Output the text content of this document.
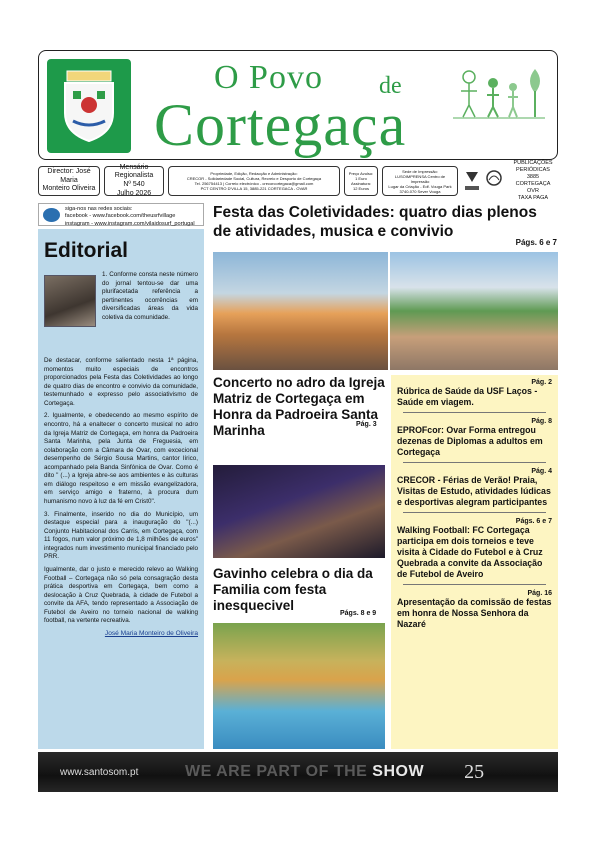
O Povo de
Cortegaça
Director: José Maria
Monteiro Oliveira
Mensário Regionalista
Nº 540
Julho 2026
Propriedade, Edição, Redacção e Administração:
CRECOR - Solidariedade Social, Cultura, Recreio e Desporto de Cortegaça
Tel. 256754413 | Correio electrónico - crecorcortegaca@gmail.com
PCT CENTRO D'VILLA 15, 3885-221 CORTEGACA - OVAR
Preço Avulso:
1 Euro
Assinatura:
12 Euros
Sede de Impressão:
LUSOIMPRENSA Centro de Impressão
Lugar da Criação - Edf. Vouga Park
3740-070 Sever Vouga
PUBLICAÇÕES
PERIÓDICAS
3885 CORTEGAÇA OVR
TAXA PAGA
siga-nos nas redes sociais:
facebook - www.facebook.com/theusrfvillage
instagram - www.instagram.com/vilaidosurf_portugal
Editorial
1. Conforme consta neste número do jornal tentou-se dar uma plurifacetada referência a pertinentes ocorrências em diversificadas áreas da vida coletiva da comunidade.

De destacar, conforme salientado nesta 1ª página, momentos muito especiais de encontros proporcionados pela Festa das Coletividades ao longo de quatro dias de encontro e convivio da comunidade, testemunhado e expresso pelo associativismo de Cortegaça.

2. Igualmente, e obedecendo ao mesmo espírito de encontro, há a enaltecer o concerto musical no adro da Igreja Matriz de Cortegaça, em honra da Padroeira Santa Marinha, pela Junta de Freguesia, em colaboração com a Câmara de Ovar, com excecional desempenho de Sérgio Sousa Martins, cantor lírico, acompanhado pela Banda Sinfónica de Ovar. Como é dito " (...) a Igreja abre-se aos ambientes e às culturas em diálogo respeitoso e em missão evangelizadora, em serviço amigo e fraterno, à procura dum humanismo novo à luz da fé em Crist0".

3. Finalmente, inserido no dia do Município, um destaque especial para a inauguração do "(...) Conjunto Habitacional dos Carris, em Cortegaça, com 11 fogos, num valor próximo de 1,8 milhões de euros" integrados num investimento municipal financiado pelo PRR.

Igualmente, dar o justo e merecido relevo ao Walking Football – Cortegaça não só pela consagração desta prática desportiva em Cortegaça, bem como a deslocação à Cruz Quebrada, à cidade de Futebol a convite da AFA, tendo representado a Associação de Futebol de Aveiro no torneio nacional de walking football, na vertente recreativa.

José Maria Monteiro de Oliveira
Festa das Coletividades: quatro dias plenos de atividades, musica e convivio
Págs. 6 e 7
Concerto no adro da Igreja Matriz de Cortegaça em Honra da Padroeira Santa Marinha	Pág. 3
Gavinho celebra o dia da Familia com festa inesquecivel
Págs. 8 e 9
Pág. 2
Rúbrica de Saúde da USF Laços - Saúde em viagem.
Pág. 8
EPROFcor: Ovar Forma entregou dezenas de Diplomas a adultos em Cortegaça
Pág. 4
CRECOR - Férias de Verão! Praia, Visitas de Estudo, atividades lúdicas e desportivas alegram participantes
Págs. 6 e 7
Walking Football: FC Cortegaça participa em dois torneios e teve visita à Cidade do Futebol e à Cruz Quebrada a convite da Associação de Futebol de Aveiro
Pág. 16
Apresentação da comissão de festas em honra de Nossa Senhora da Nazaré
www.santosom.pt	WE ARE PART OF THE SHOW 25
